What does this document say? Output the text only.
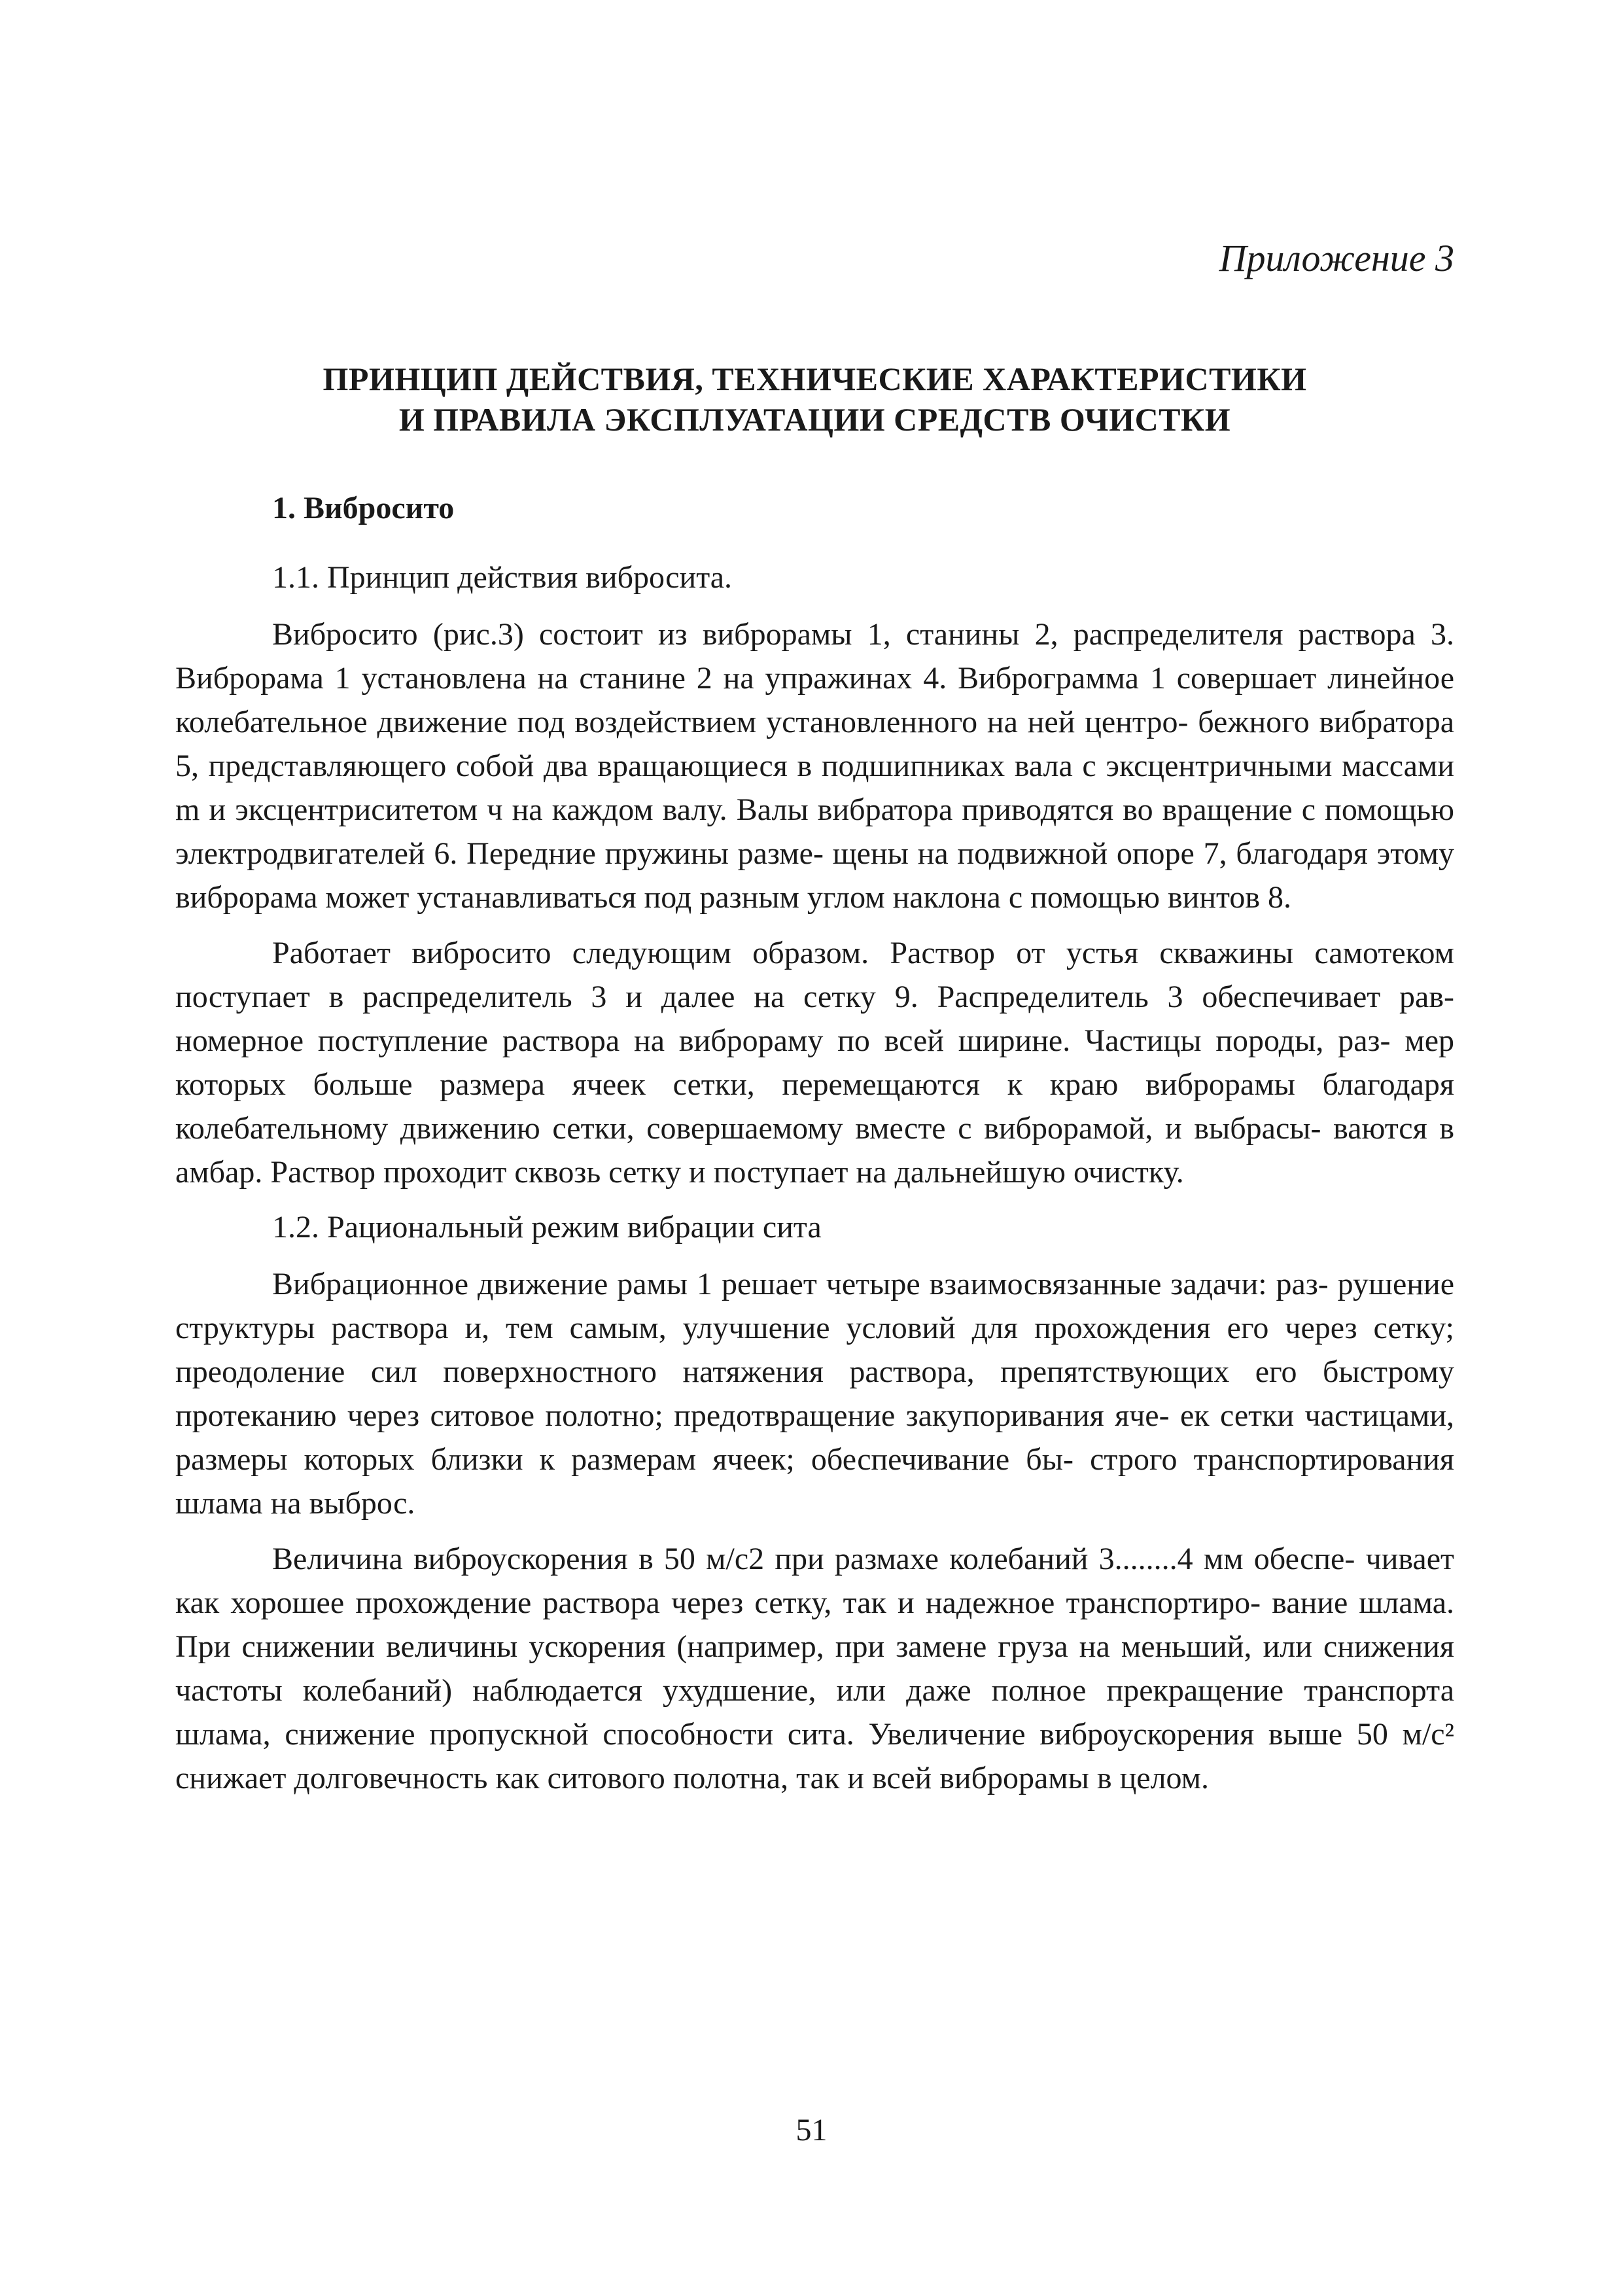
Приложение 3
ПРИНЦИП ДЕЙСТВИЯ, ТЕХНИЧЕСКИЕ ХАРАКТЕРИСТИКИ
И ПРАВИЛА ЭКСПЛУАТАЦИИ СРЕДСТВ ОЧИСТКИ
1. Вибросито
1.1. Принцип действия вибросита.

Вибросито (рис.3) состоит из виброрамы 1, станины 2, распределителя раствора 3. Виброрама 1 установлена на станине 2 на упражинах 4. Виброграмма 1 совершает линейное колебательное движение под воздействием установленного на ней центро- бежного вибратора 5, представляющего собой два вращающиеся в подшипниках вала с эксцентричными массами m и эксцентриситетом ч на каждом валу. Валы вибратора приводятся во вращение с помощью электродвигателей 6. Передние пружины разме- щены на подвижной опоре 7, благодаря этому виброрама может устанавливаться под разным углом наклона с помощью винтов 8.

Работает вибросито следующим образом. Раствор от устья скважины самотеком поступает в распределитель 3 и далее на сетку 9. Распределитель 3 обеспечивает рав- номерное поступление раствора на виброраму по всей ширине. Частицы породы, раз- мер которых больше размера ячеек сетки, перемещаются к краю виброрамы благодаря колебательному движению сетки, совершаемому вместе с виброрамой, и выбрасы- ваются в амбар. Раствор проходит сквозь сетку и поступает на дальнейшую очистку.

1.2. Рациональный режим вибрации сита

Вибрационное движение рамы 1 решает четыре взаимосвязанные задачи: раз- рушение структуры раствора и, тем самым, улучшение условий для прохождения его через сетку; преодоление сил поверхностного натяжения раствора, препятствующих его быстрому протеканию через ситовое полотно; предотвращение закупоривания яче- ек сетки частицами, размеры которых близки к размерам ячеек; обеспечивание бы- строго транспортирования шлама на выброс.

Величина виброускорения в 50 м/с2 при размахе колебаний 3........4 мм обеспе- чивает как хорошее прохождение раствора через сетку, так и надежное транспортиро- вание шлама. При снижении величины ускорения (например, при замене груза на меньший, или снижения частоты колебаний) наблюдается ухудшение, или даже полное прекращение транспорта шлама, снижение пропускной способности сита. Увеличение виброускорения выше 50 м/с² снижает долговечность как ситового полотна, так и всей виброрамы в целом.

51
